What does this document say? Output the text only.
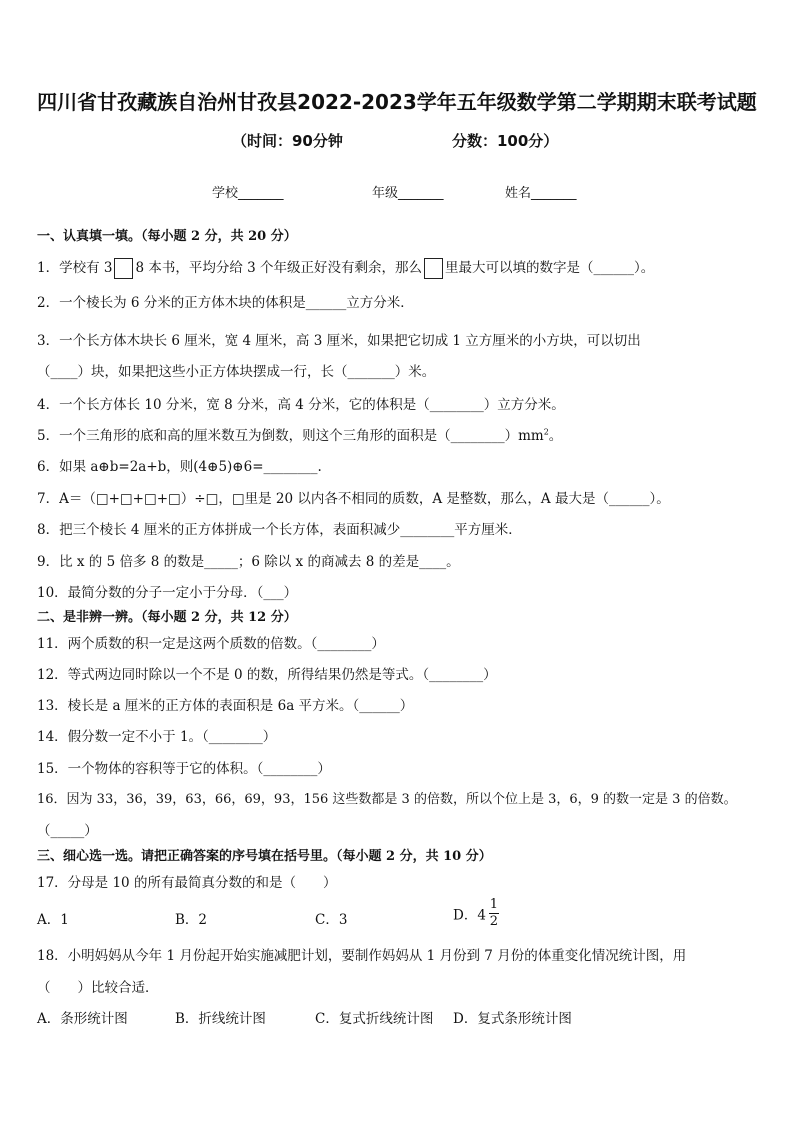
四川省甘孜藏族自治州甘孜县2022-2023学年五年级数学第二学期期末联考试题
（时间：90分钟	分数：100分）
学校_______	年级_______	姓名_______
一、认真填一填。（每小题 2 分，共 20 分）
1．学校有 3 8 本书，平均分给 3 个年级正好没有剩余，那么 里最大可以填的数字是（______）。
2．一个棱长为 6 分米的正方体木块的体积是______立方分米．
3．一个长方体木块长 6 厘米，宽 4 厘米，高 3 厘米，如果把它切成 1 立方厘米的小方块，可以切出
（____）块，如果把这些小正方体块摆成一行，长（_______）米。
4．一个长方体长 10 分米，宽 8 分米，高 4 分米，它的体积是（________）立方分米。
5．一个三角形的底和高的厘米数互为倒数，则这个三角形的面积是$(\_\_\_\_\_\_\_\_)mm^2$。
6．如果 a⊕b=2a+b，则(4⊕5)⊕6=________.
7．A＝（□+□+□+□）÷□，□里是 20 以内各不相同的质数，A 是整数，那么，A 最大是（______）。
8．把三个棱长 4 厘米的正方体拼成一个长方体，表面积减少________平方厘米．
9．比 x 的 5 倍多 8 的数是_____；6 除以 x 的商减去 8 的差是____。
10．最简分数的分子一定小于分母．（___）
二、是非辨一辨。（每小题 2 分，共 12 分）
11．两个质数的积一定是这两个质数的倍数。（________）
12．等式两边同时除以一个不是 0 的数，所得结果仍然是等式。（________）
13．棱长是 a 厘米的正方体的表面积是 6a 平方米。（______）
14．假分数一定不小于 1。（________）
15．一个物体的容积等于它的体积。（________）
16．因为 33，36，39，63，66，69，93，156 这些数都是 3 的倍数，所以个位上是 3，6，9 的数一定是 3 的倍数。
（_____）
三、细心选一选。请把正确答案的序号填在括号里。（每小题 2 分，共 10 分）
17．分母是 10 的所有最简真分数的和是（　　）
A．1	B．2	C．3	D．$4 \frac{1}{2}$
18．小明妈妈从今年 1 月份起开始实施减肥计划，要制作妈妈从 1 月份到 7 月份的体重变化情况统计图，用
（　　）比较合适．
A．条形统计图	B．折线统计图	C．复式折线统计图 D．复式条形统计图
